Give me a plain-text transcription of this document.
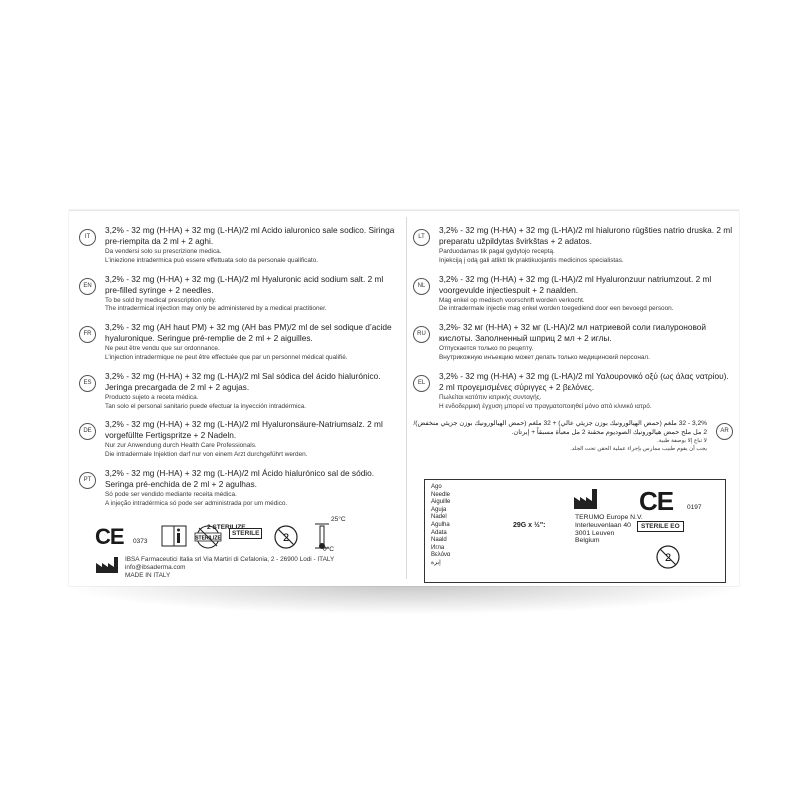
IT
3,2% - 32 mg (H-HA) + 32 mg (L-HA)/2 ml Acido ialuronico sale sodico. Siringa pre-riempita da 2 ml + 2 aghi.
Da vendersi solo su prescrizione medica.
L’iniezione intradermica può essere effettuata solo da personale qualificato.
EN
3,2% - 32 mg (H-HA) + 32 mg (L-HA)/2 ml Hyaluronic acid sodium salt. 2 ml pre-filled syringe + 2 needles.
To be sold by medical prescription only.
The intradermical injection may only be administered by a medical practitioner.
FR
3,2% - 32 mg (AH haut PM) + 32 mg (AH bas PM)/2 ml de sel sodique d’acide hyaluronique. Seringue pré-remplie de 2 ml + 2 aiguilles.
Ne peut être vendu que sur ordonnance.
L’injection intradermique ne peut être effectuée que par un personnel médical qualifié.
ES
3,2% - 32 mg (H-HA) + 32 mg (L-HA)/2 ml Sal sódica del ácido hialurónico. Jeringa precargada de 2 ml + 2 agujas.
Producto sujeto a receta médica.
Tan solo el personal sanitario puede efectuar la inyección intradérmica.
DE
3,2% - 32 mg (H-HA) + 32 mg (L-HA)/2 ml Hyaluronsäure-Natriumsalz. 2 ml vorgefüllte Fertigspritze + 2 Nadeln.
Nur zur Anwendung durch Health Care Professionals.
Die intradermale Injektion darf nur von einem Arzt durchgeführt werden.
PT
3,2% - 32 mg (H-HA) + 32 mg (L-HA)/2 ml Ácido hialurónico sal de sódio. Seringa pré-enchida de 2 ml + 2 agulhas.
Só pode ser vendido mediante receita médica.
A injeção intradérmica só pode ser administrada por um médico.
CE 0373	STERILIZE
2 STERILIZE
STERILE 2
25°C
0°C
IBSA Farmaceutici Italia srl Via Martiri di Cefalonia, 2 - 26900 Lodi - ITALY
info@ibsaderma.com
MADE IN ITALY
LT
3,2% - 32 mg (H-HA) + 32 mg (L-HA)/2 ml hialurono rūgšties natrio druska. 2 ml preparatu užpildytas švirkštas + 2 adatos.
Parduodamas tik pagal gydytojo receptą.
Injekciją į odą gali atlikti tik praktikuojantis medicinos specialistas.
NL
3,2% - 32 mg (H-HA) + 32 mg (L-HA)/2 ml Hyaluronzuur natriumzout. 2 ml voorgevulde injectiespuit + 2 naalden.
Mag enkel op medisch voorschrift worden verkocht.
De intradermale injectie mag enkel worden toegediend door een bevoegd persoon.
RU
3,2%- 32 мг (H-HA) + 32 мг (L-HA)/2 мл натриевой соли гиалуроновой кислоты. Заполненный шприц 2 мл + 2 иглы.
Отпускается только по рецепту.
Внутрикожную инъекцию может делать только медицинский персонал.
EL
3,2% - 32 mg (H-HA) + 32 mg (L-HA)/2 ml Υαλουρονικό οξύ (ως άλας νατρίου). 2 ml προγεμισμένες σύριγγες + 2 βελόνες.
Πωλείται κατόπιν ιατρικής συνταγής.
Η ενδοδερμική έγχυση μπορεί να πραγματοποιηθεί μόνο από κλινικό ιατρό.
AR
3,2% - 32 ملغم (حمض الهيالورونيك بوزن جزيئي عالي) + 32 ملغم (حمض الهيالورونيك بوزن جزيئي منخفض)/ 2 مل ملح حمض هيالورونيك الصوديوم محقنة 2 مل معبأة مسبقاً + إبرتان.
لا تباع إلا بوصفة طبية.
يجب أن يقوم طبيب ممارس بإجراء عملية الحقن تحت الجلد.
Ago
Needle
Aiguille
Aguja
Nadel
Agulha
Adata
Naald
Игла
Βελόνα
إبرة
29G x ½":
TERUMO Europe N.V.
Interleuvenlaan 40
3001 Leuven
Belgium
CE 0197
STERILE EO
2
